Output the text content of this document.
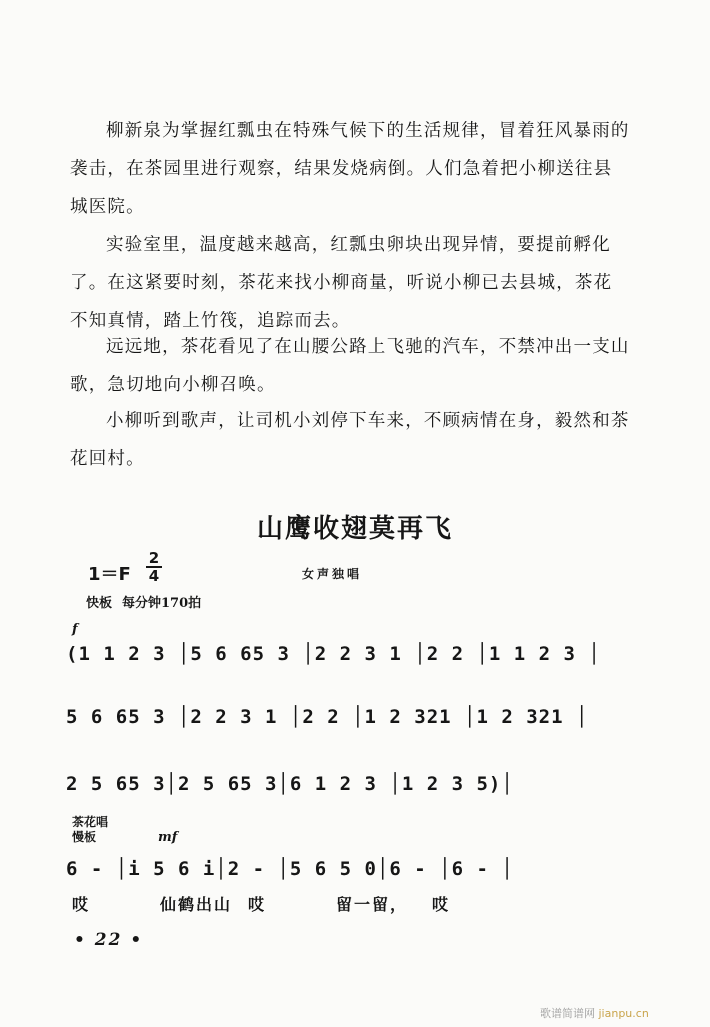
柳新泉为掌握红瓢虫在特殊气候下的生活规律，冒着狂风暴雨的袭击，在茶园里进行观察，结果发烧病倒。人们急着把小柳送往县城医院。

实验室里，温度越来越高，红瓢虫卵块出现异情，要提前孵化了。在这紧要时刻，茶花来找小柳商量，听说小柳已去县城，茶花不知真情，踏上竹筏，追踪而去。

远远地，茶花看见了在山腰公路上飞驰的汽车，不禁冲出一支山歌，急切地向小柳召唤。

小柳听到歌声，让司机小刘停下车来，不顾病情在身，毅然和茶花回村。

山鹰收翅莫再飞
1＝F
2
4	女声独唱
快板 每分钟170拍
f
(1 1 2 3 │5 6 65 3 │2 2 3 1 │2 2 │1 1 2 3 │
5 6 65 3 │2 2 3 1 │2 2 │1 2 321 │1 2 321 │
2 5 65 3│2 5 65 3│6 1 2 3 │1 2 3 5)│
茶花唱
慢板	mf
6 - │i 5 6 i│2 - │5 6 5 0│6 - │6 - │
哎	仙鹤出山 哎	留一留， 哎
• 22 •
歌谱简谱网 jianpu.cn
